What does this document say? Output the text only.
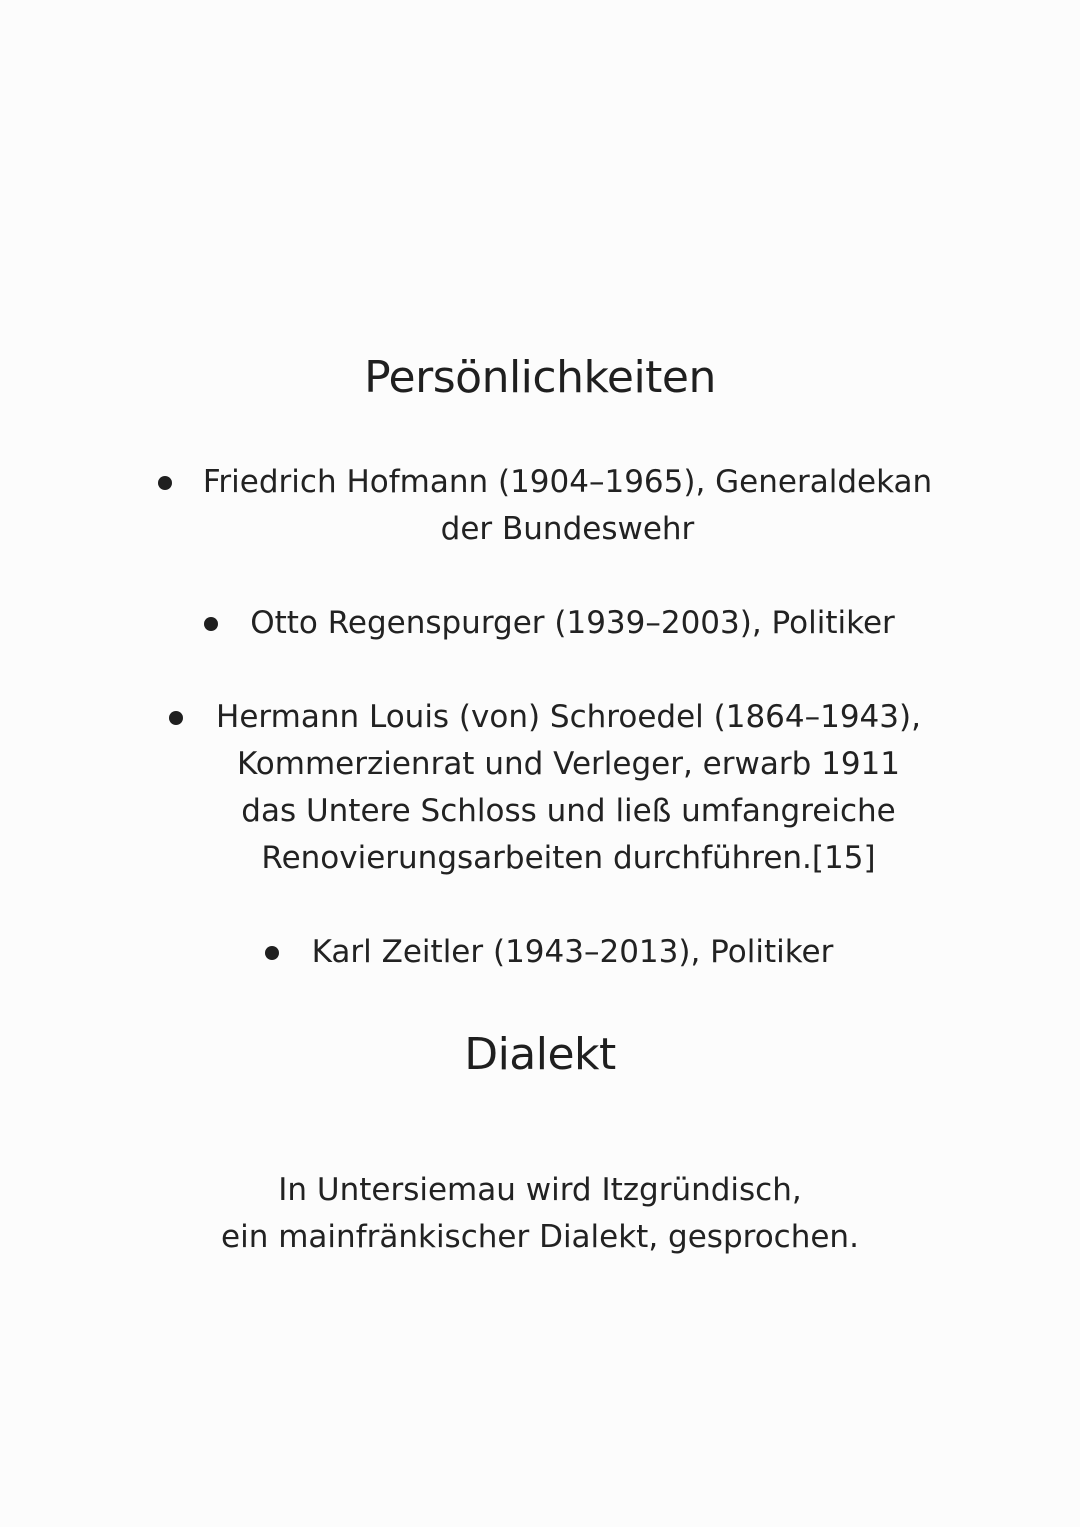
Persönlichkeiten
Friedrich Hofmann (1904–1965), Generaldekan der Bundeswehr
Otto Regenspurger (1939–2003), Politiker
Hermann Louis (von) Schroedel (1864–1943), Kommerzienrat und Verleger, erwarb 1911 das Untere Schloss und ließ umfangreiche Renovierungsarbeiten durchführen.[15]
Karl Zeitler (1943–2013), Politiker
Dialekt

In Untersiemau wird Itzgründisch,
ein mainfränkischer Dialekt, gesprochen.
